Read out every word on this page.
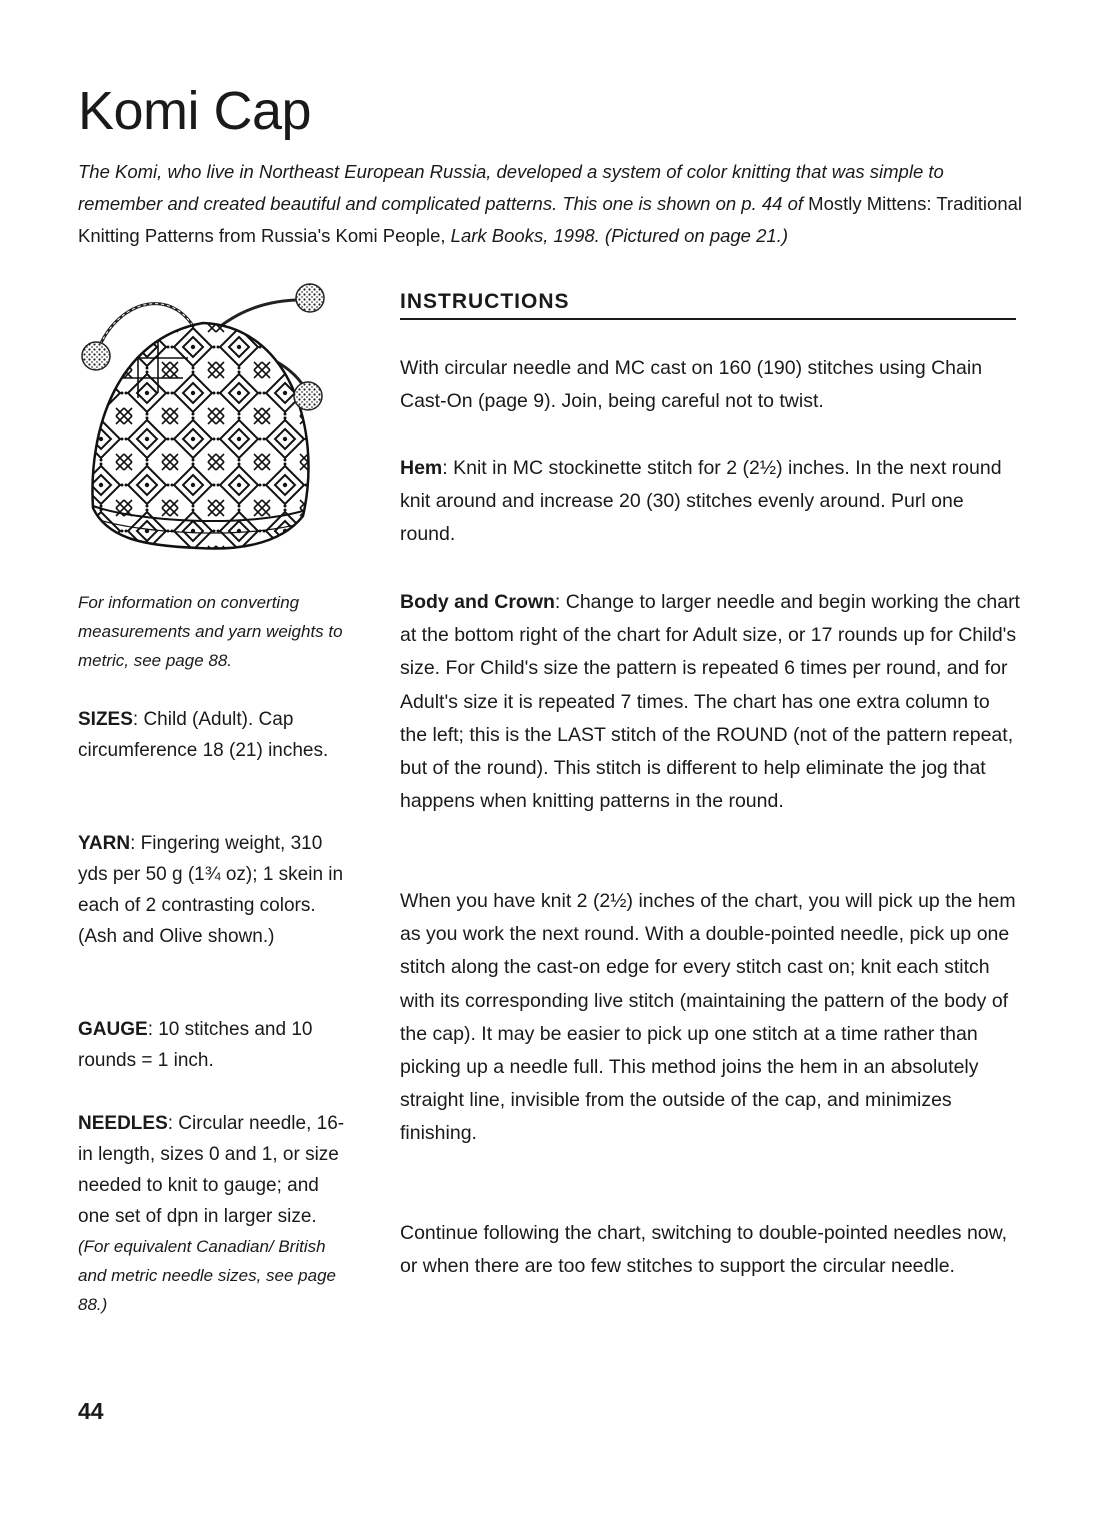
Komi Cap
The Komi, who live in Northeast European Russia, developed a system of color knitting that was simple to remember and created beautiful and complicated patterns. This one is shown on p. 44 of Mostly Mittens: Traditional Knitting Patterns from Russia's Komi People, Lark Books, 1998. (Pictured on page 21.)
For information on converting measurements and yarn weights to metric, see page 88.
SIZES: Child (Adult). Cap circumference 18 (21) inches.
YARN: Fingering weight, 310 yds per 50 g (1¾ oz); 1 skein in each of 2 contrasting colors. (Ash and Olive shown.)
GAUGE: 10 stitches and 10 rounds = 1 inch.
NEEDLES: Circular needle, 16-in length, sizes 0 and 1, or size needed to knit to gauge; and one set of dpn in larger size.
(For equivalent Canadian/ British and metric needle sizes, see page 88.)
INSTRUCTIONS
With circular needle and MC cast on 160 (190) stitches using Chain Cast-On (page 9). Join, being careful not to twist.
Hem: Knit in MC stockinette stitch for 2 (2½) inches. In the next round knit around and increase 20 (30) stitches evenly around. Purl one round.
Body and Crown: Change to larger needle and begin working the chart at the bottom right of the chart for Adult size, or 17 rounds up for Child's size. For Child's size the pattern is repeated 6 times per round, and for Adult's size it is repeated 7 times. The chart has one extra column to the left; this is the LAST stitch of the ROUND (not of the pattern repeat, but of the round). This stitch is different to help eliminate the jog that happens when knitting patterns in the round.
When you have knit 2 (2½) inches of the chart, you will pick up the hem as you work the next round. With a double-pointed needle, pick up one stitch along the cast-on edge for every stitch cast on; knit each stitch with its corresponding live stitch (maintaining the pattern of the body of the cap). It may be easier to pick up one stitch at a time rather than picking up a needle full. This method joins the hem in an absolutely straight line, invisible from the outside of the cap, and minimizes finishing.
Continue following the chart, switching to double-pointed needles now, or when there are too few stitches to support the circular needle.
44
